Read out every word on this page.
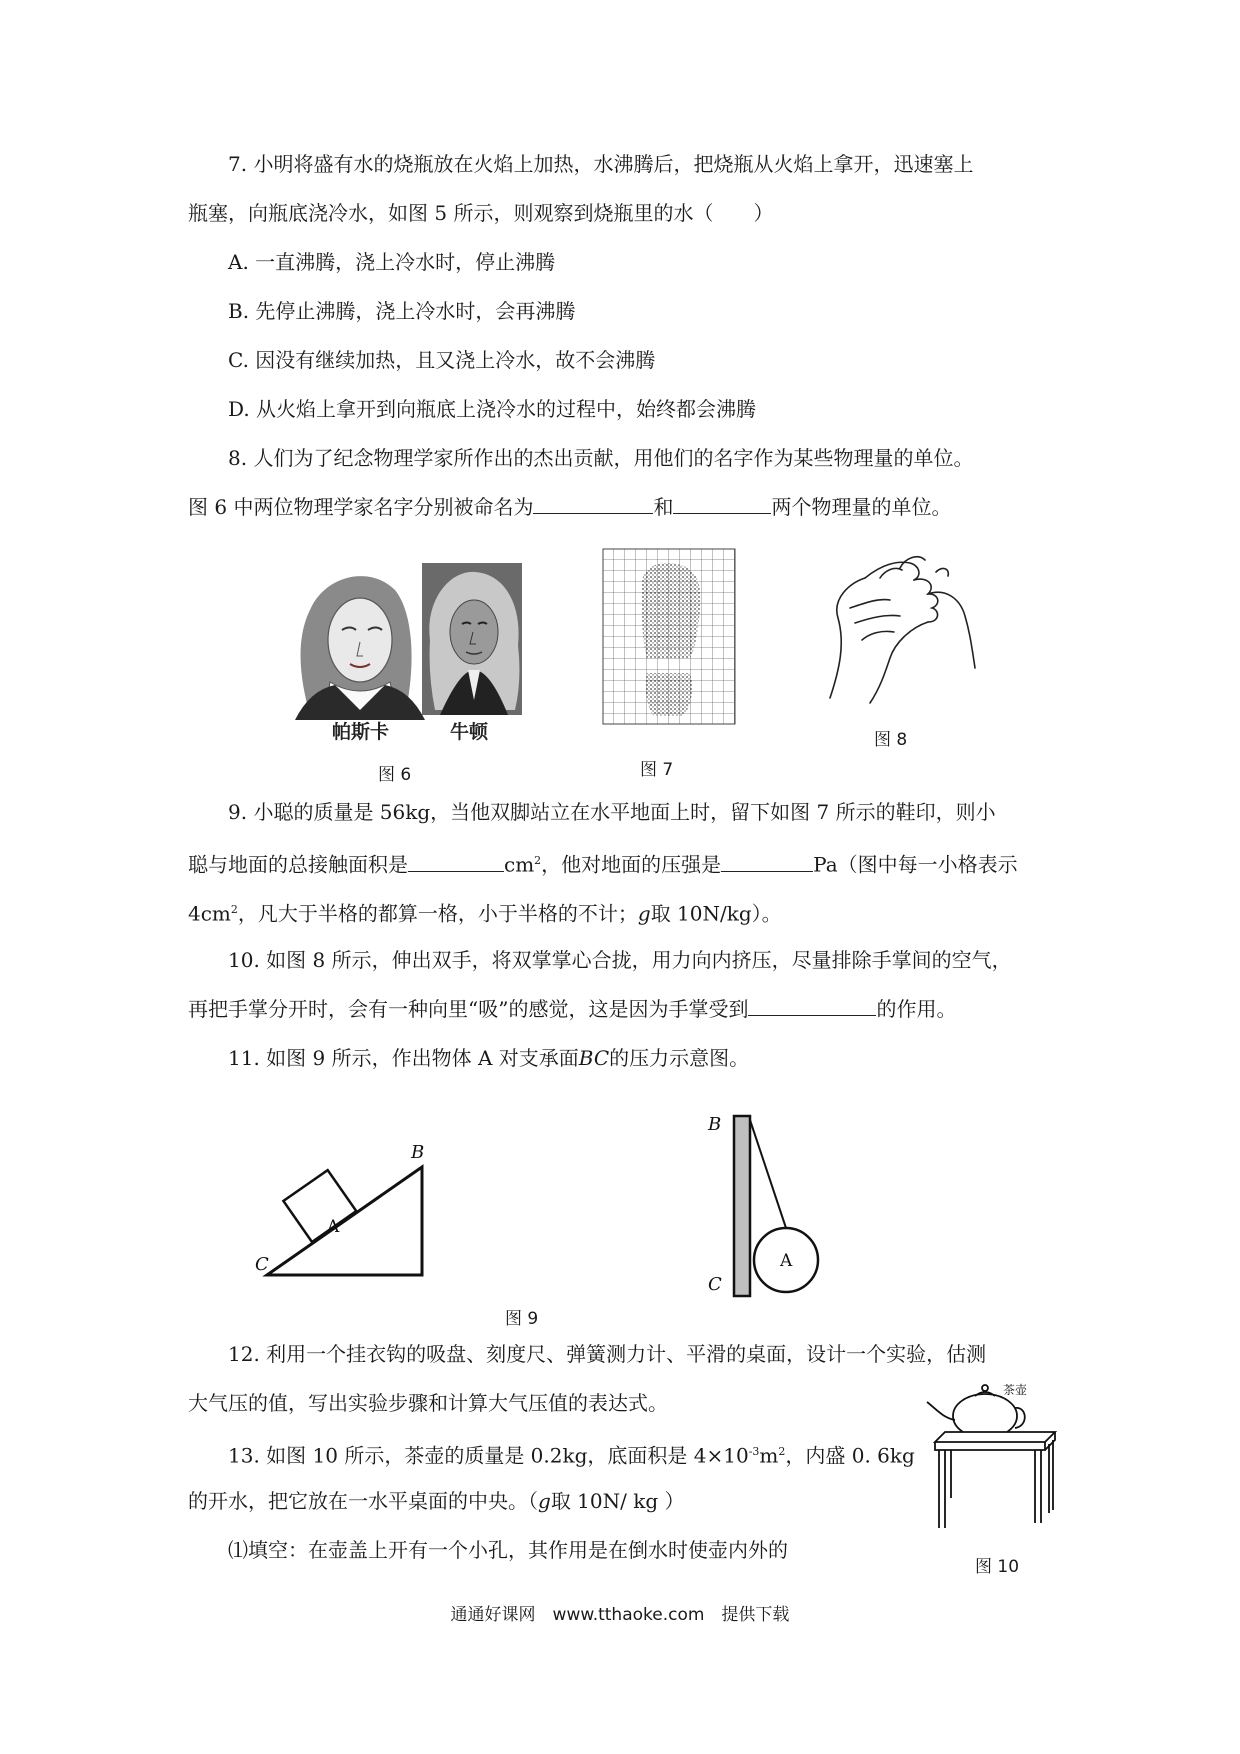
7. 小明将盛有水的烧瓶放在火焰上加热，水沸腾后，把烧瓶从火焰上拿开，迅速塞上
瓶塞，向瓶底浇冷水，如图 5 所示，则观察到烧瓶里的水（　　）
A. 一直沸腾，浇上冷水时，停止沸腾
B. 先停止沸腾，浇上冷水时，会再沸腾
C. 因没有继续加热，且又浇上冷水，故不会沸腾
D. 从火焰上拿开到向瓶底上浇冷水的过程中，始终都会沸腾
8. 人们为了纪念物理学家所作出的杰出贡献，用他们的名字作为某些物理量的单位。
图 6 中两位物理学家名字分别被命名为	和	两个物理量的单位。
帕斯卡	牛顿
图 6	图 7
图 8
9. 小聪的质量是 56kg，当他双脚站立在水平地面上时，留下如图 7 所示的鞋印，则小
聪与地面的总接触面积是	$cm^2$，他对地面的压强是	Pa（图中每一小格表示
$4cm^2$，凡大于半格的都算一格，小于半格的不计；g取 10N/kg）。
10. 如图 8 所示，伸出双手，将双掌掌心合拢，用力向内挤压，尽量排除手掌间的空气，
再把手掌分开时，会有一种向里“吸”的感觉，这是因为手掌受到	的作用。
11. 如图 9 所示，作出物体 A 对支承面BC的压力示意图。
A
B
C	A
B
C
图 9
12. 利用一个挂衣钩的吸盘、刻度尺、弹簧测力计、平滑的桌面，设计一个实验，估测
大气压的值，写出实验步骤和计算大气压值的表达式。
13. 如图 10 所示，茶壶的质量是 0.2kg，底面积是 $4\times 10^{-3}m^2$，内盛 0. 6kg
的开水，把它放在一水平桌面的中央。（g取 10N/ kg ）
⑴填空：在壶盖上开有一个小孔，其作用是在倒水时使壶内外的
茶壶
图 10
通通好课网　www.tthaoke.com　提供下载
